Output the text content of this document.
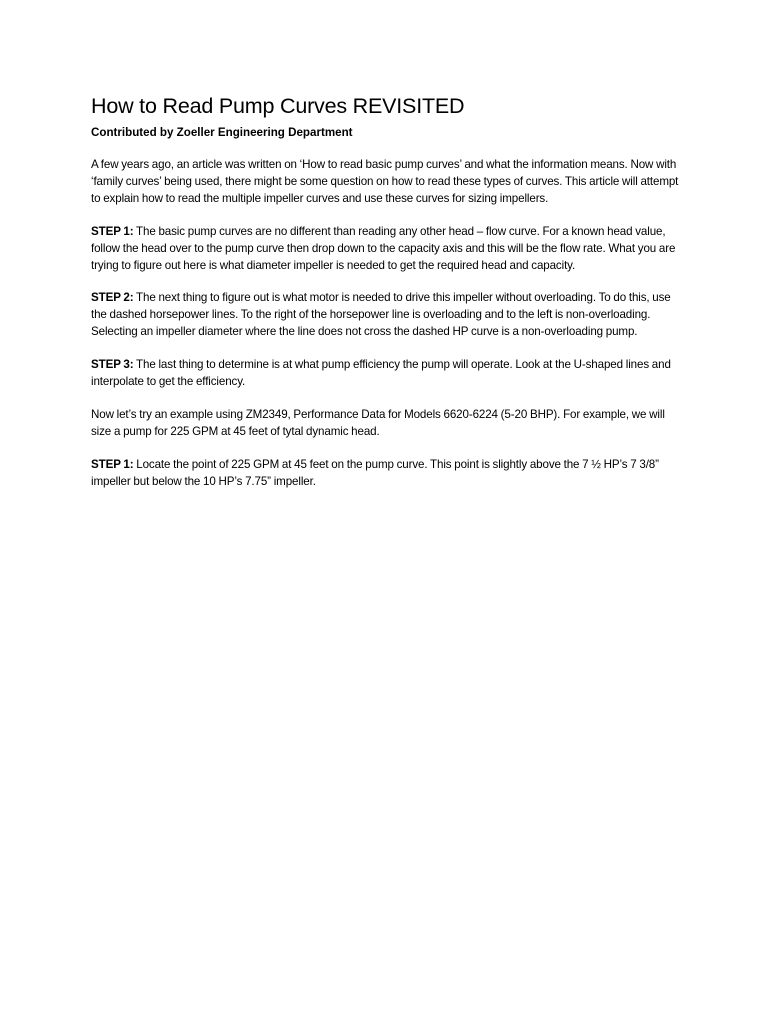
How to Read Pump Curves REVISITED

Contributed by Zoeller Engineering Department

A few years ago, an article was written on ‘How to read basic pump curves’ and what the information means. Now with ‘family curves’ being used, there might be some question on how to read these types of curves. This article will attempt to explain how to read the multiple impeller curves and use these curves for sizing impellers.

STEP 1: The basic pump curves are no different than reading any other head – flow curve. For a known head value, follow the head over to the pump curve then drop down to the capacity axis and this will be the flow rate. What you are trying to figure out here is what diameter impeller is needed to get the required head and capacity.

STEP 2: The next thing to figure out is what motor is needed to drive this impeller without overloading. To do this, use the dashed horsepower lines. To the right of the horsepower line is overloading and to the left is non-overloading. Selecting an impeller diameter where the line does not cross the dashed HP curve is a non-overloading pump.

STEP 3: The last thing to determine is at what pump efficiency the pump will operate. Look at the U-shaped lines and interpolate to get the efficiency.

Now let’s try an example using ZM2349, Performance Data for Models 6620-6224 (5-20 BHP). For example, we will size a pump for 225 GPM at 45 feet of tytal dynamic head.

STEP 1: Locate the point of 225 GPM at 45 feet on the pump curve. This point is slightly above the 7 ½ HP’s 7 3/8” impeller but below the 10 HP’s 7.75” impeller.
